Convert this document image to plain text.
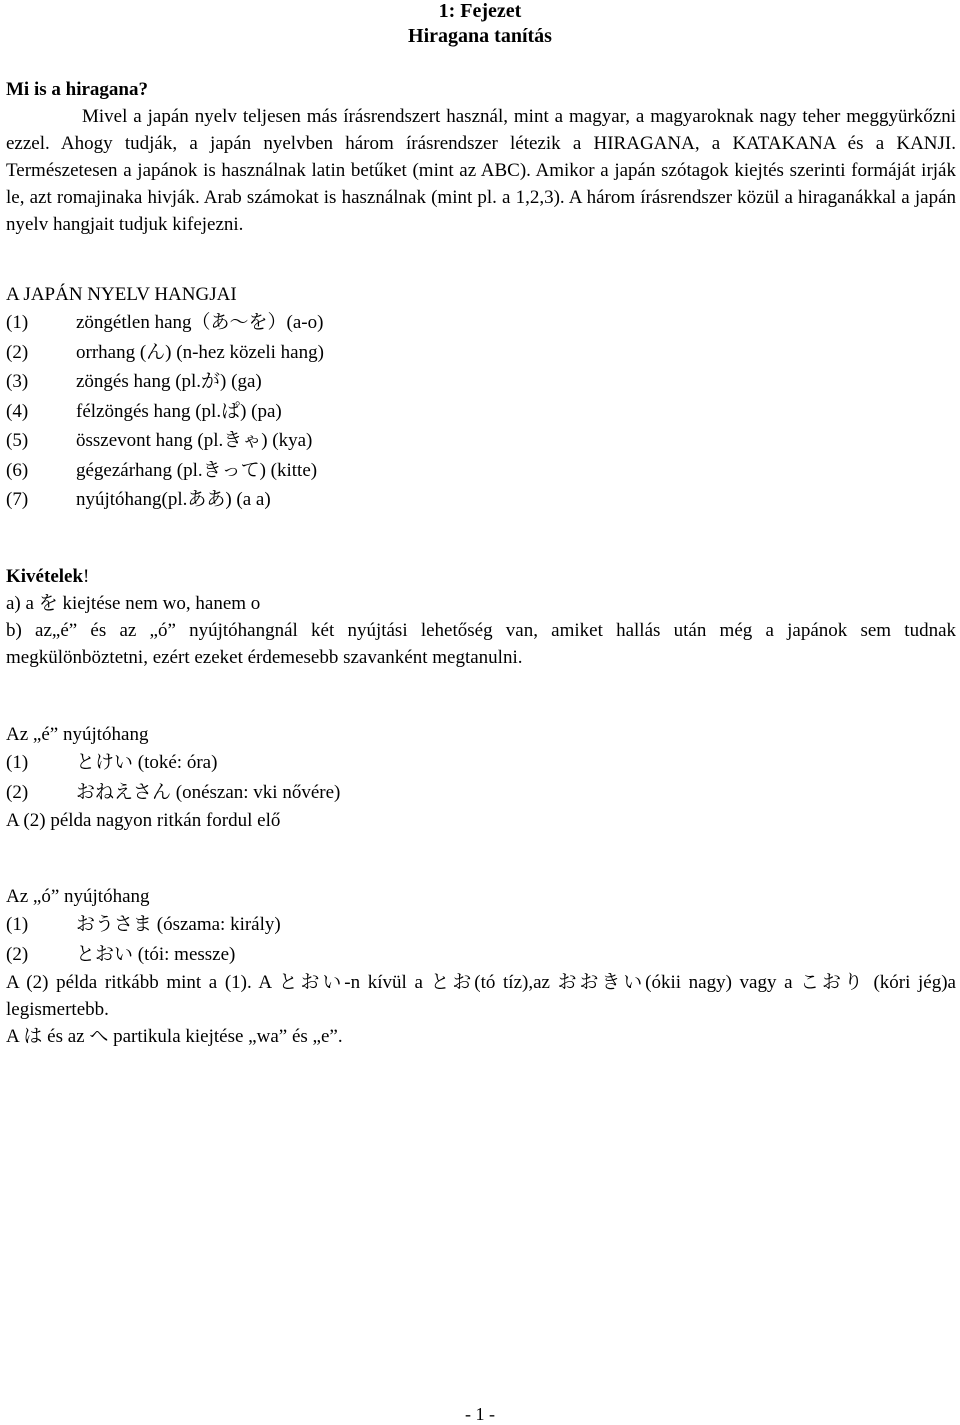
1: Fejezet
Hiragana tanítás

Mi is a hiragana?

Mivel a japán nyelv teljesen más írásrendszert használ, mint a magyar, a magyaroknak nagy teher meggyürkőzni ezzel. Ahogy tudják, a japán nyelvben három írásrendszer létezik a HIRAGANA, a KATAKANA és a KANJI. Természetesen a japánok is használnak latin betűket (mint az ABC). Amikor a japán szótagok kiejtés szerinti formáját irják le, azt romajinaka hivják. Arab számokat is használnak (mint pl. a 1,2,3). A három írásrendszer közül a hiraganákkal a japán nyelv hangjait tudjuk kifejezni.

A JAPÁN NYELV HANGJAI

(1)	zöngétlen hang（あ〜を）(a-o)
(2)	orrhang (ん) (n-hez közeli hang)
(3)	zöngés hang (pl.が) (ga)
(4)	félzöngés hang (pl.ぱ) (pa)
(5)	összevont hang (pl.きゃ) (kya)
(6)	gégezárhang (pl.きって) (kitte)
(7)	nyújtóhang(pl.ああ) (a a)

Kivételek!

a) a を kiejtése nem wo, hanem o

b) az„é” és az „ó” nyújtóhangnál két nyújtási lehetőség van, amiket hallás után még a japánok sem tudnak megkülönböztetni, ezért ezeket érdemesebb szavanként megtanulni.

Az „é” nyújtóhang

(1)	とけい (toké: óra)
(2)	おねえさん (onészan: vki nővére)

A (2) példa nagyon ritkán fordul elő

Az „ó” nyújtóhang

(1)	おうさま (ószama: király)
(2)	とおい (tói: messze)

A (2) példa ritkább mint a (1). A とおい-n kívül a とお(tó tíz),az おおきい(ókii nagy) vagy a こおり (kóri jég)a legismertebb.

A は és az へ partikula kiejtése „wa” és „e”.

- 1 -
